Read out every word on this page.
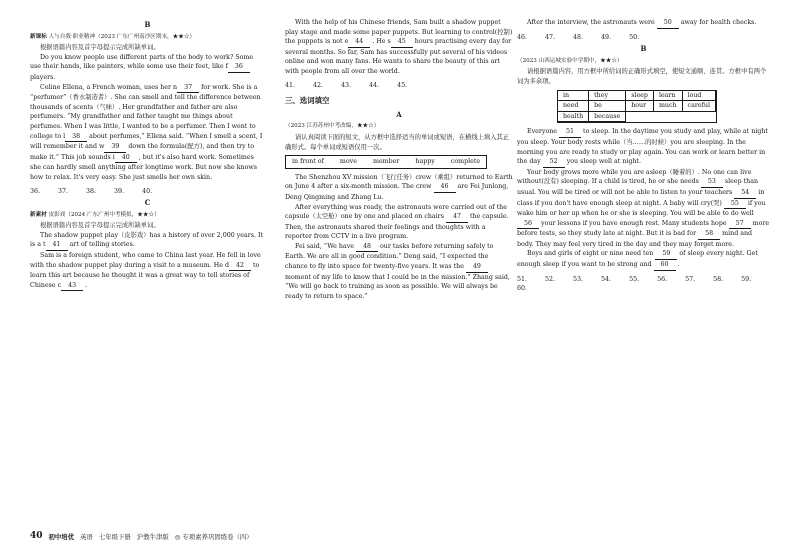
B
新课标 人与自我·职业精神（2023 广东广州南沙区期末，★★☆）

根据语篇内容及首字母提示完成所缺单词。

Do you know people use different parts of the body to work? Some use their hands, like painters, while some use their feet, like f 36 players.

Celine Ellena, a French woman, uses her n 37 for work. She is a “perfumer”（香水制造者）. She can smell and tell the difference between thousands of scents（气味）. Her grandfather and father are also perfumers. “My grandfather and father taught me things about perfumes. When I was little, I wanted to be a perfumer. Then I went to college to l 38 about perfumes,” Ellena said. “When I smell a scent, I will remember it and w 39 down the formula(配方), and then try to make it.” This job sounds i 40 , but it's also hard work. Sometimes she can hardly smell anything after longtime work. But now she knows how to relax. It's very easy. She just smells her own skin.

36.	37.	38.	39.	40.
C
新素材 皮影戏（2024 广东广州中考模拟，★★☆）

根据语篇内容及首字母提示完成所缺单词。

The shadow puppet play（皮影戏）has a history of over 2,000 years. It is a t 41 art of telling stories.

Sam is a foreign student, who came to China last year. He fell in love with the shadow puppet play during a visit to a museum. He d 42 to learn this art because he thought it was a great way to tell stories of Chinese c 43 .

With the help of his Chinese friends, Sam built a shadow puppet play stage and made some paper puppets. But learning to control(控制) the puppets is not e 44 . He s 45 hours practising every day for several months. So far, Sam has successfully put several of his videos online and won many fans. He wants to share the beauty of this art with people from all over the world.

41.	42.	43.	44.	45.
三、选词填空
A
（2023 江苏苏州中考改编，★★☆）

请认真阅读下面的短文，从方框中选择适当的单词或短语，在横线上填入其正确形式。每个单词或短语仅用一次。

in front of	move	member	happy	complete

The Shenzhou XV mission（飞行任务）crew（乘组）returned to Earth on June 4 after a six-month mission. The crew 46 are Fei Junlong, Deng Qingming and Zhang Lu.

After everything was ready, the astronauts were carried out of the capsule（太空舱）one by one and placed on chairs 47 the capsule. Then, the astronauts shared their feelings and thoughts with a reporter from CCTV in a live program.

Fei said, “We have 48 our tasks before returning safely to Earth. We are all in good condition.” Deng said, “I expected the chance to fly into space for twenty-five years. It was the 49 moment of my life to know that I could be in the mission.” Zhang said, “We will go back to training as soon as possible. We will always be ready to return to space.”

After the interview, the astronauts were 50 away for health checks.

46.	47.	48.	49.	50.
B
（2023 山西运城实验中学期中，★★☆）

请根据语篇内容，用方框中所给词的正确形式填空，使短文通顺、连贯。方框中有两个词为多余项。

in	they	sleep	learn	loud
need	be	hour	much	careful
health	because

Everyone 51 to sleep. In the daytime you study and play, while at night you sleep. Your body rests while（当……的时候）you are sleeping. In the morning you are ready to study or play again. You can work or learn better in the day 52 you sleep well at night.

Your body grows more while you are asleep（睡着的）. No one can live without(没有) sleeping. If a child is tired, he or she needs 53 sleep than usual. You will be tired or will not be able to listen to your teachers 54 in class if you don't have enough sleep at night. A baby will cry(哭) 55 if you wake him or her up when he or she is sleeping. You will be able to do well 56 your lessons if you have enough rest. Many students hope 57 more before tests, so they study late at night. But it is bad for 58 mind and body. They may feel very tired in the day and they may forget more.

Boys and girls of eight or nine need ten 59 of sleep every night. Get enough sleep if you want to be strong and 60 .

51.	52.	53.	54.	55.	56.	57.	58.	59.
60.
40 初中培优 英语 七年级下册 沪教牛津版 ◎ 专项素养巩固练卷（四）
